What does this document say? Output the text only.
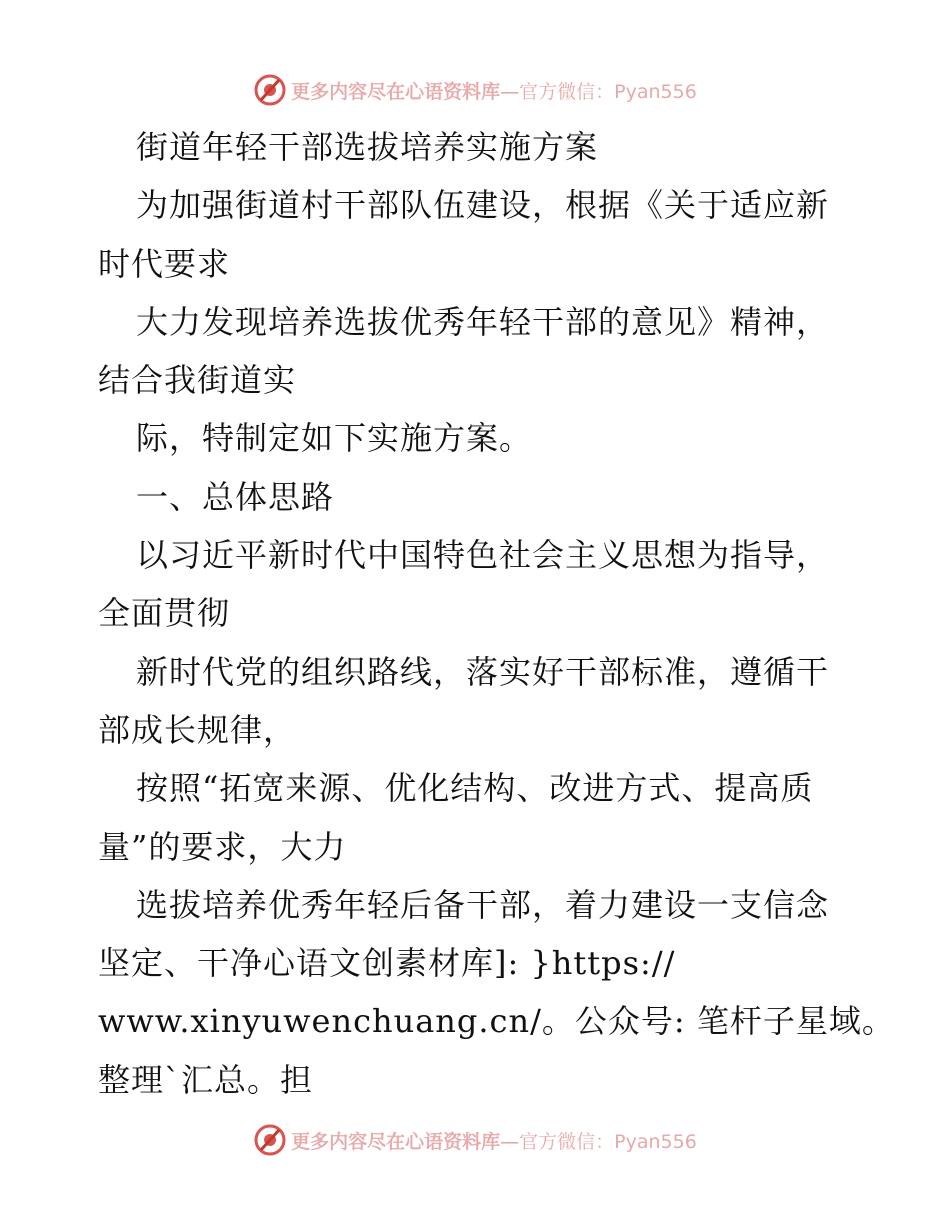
更多内容尽在心语资料库—官方微信：Pyan556
街道年轻干部选拔培养实施方案
为加强街道村干部队伍建设，根据《关于适应新
时代要求
大力发现培养选拔优秀年轻干部的意见》精神，
结合我街道实
际，特制定如下实施方案。
一、总体思路
以习近平新时代中国特色社会主义思想为指导，
全面贯彻
新时代党的组织路线，落实好干部标准，遵循干
部成长规律，
按照“拓宽来源、优化结构、改进方式、提高质
量”的要求，大力
选拔培养优秀年轻后备干部，着力建设一支信念
坚定、干净心语文创素材库]: }https://
www.xinyuwenchuang.cn/。公众号: 笔杆子星域。
整理`汇总。担
更多内容尽在心语资料库—官方微信：Pyan556
